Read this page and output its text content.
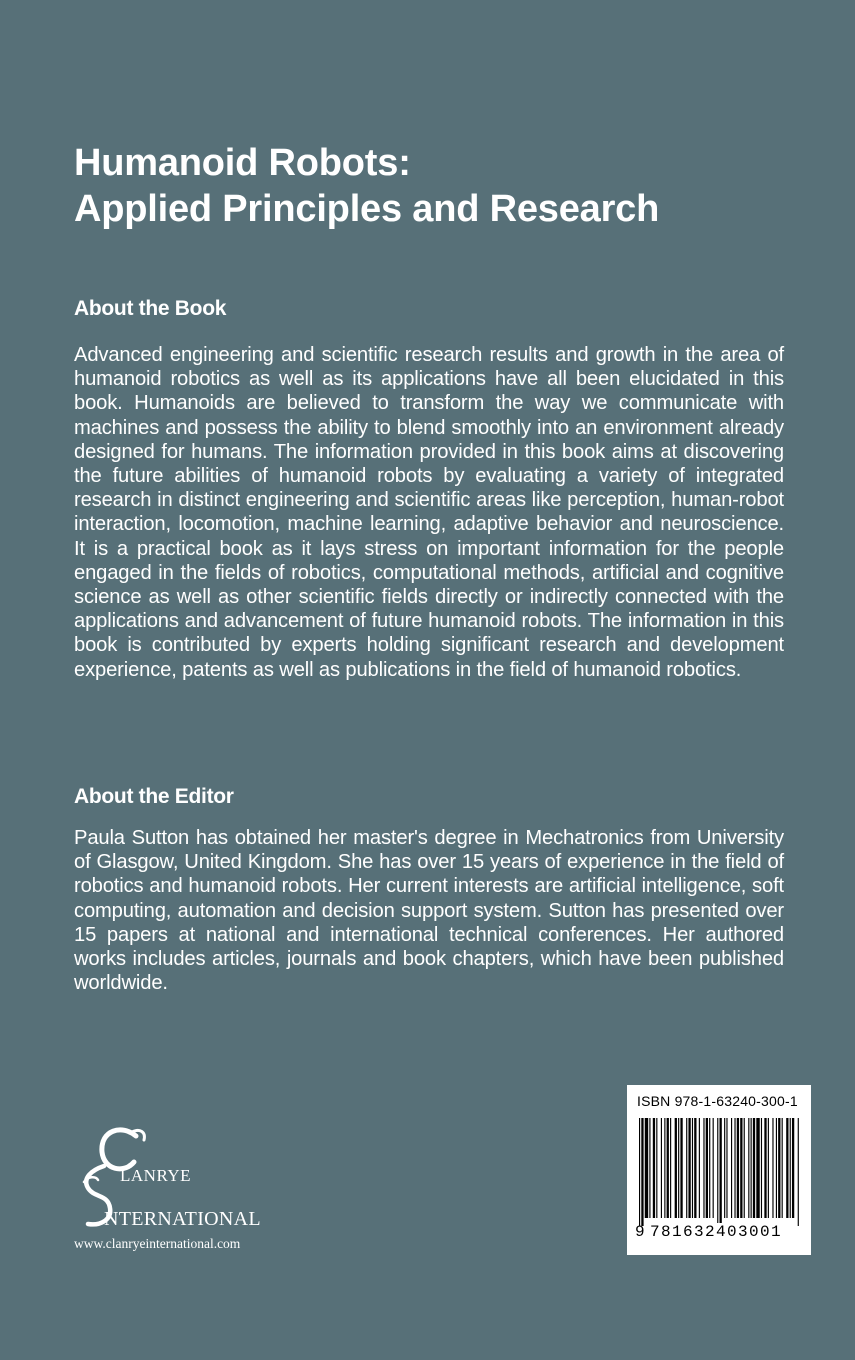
Humanoid Robots:
Applied Principles and Research
About the Book

Advanced engineering and scientific research results and growth in the area of humanoid robotics as well as its applications have all been elucidated in this book. Humanoids are believed to transform the way we communicate with machines and possess the ability to blend smoothly into an environment already designed for humans. The information provided in this book aims at discovering the future abilities of humanoid robots by evaluating a variety of integrated research in distinct engineering and scientific areas like perception, human-robot interaction, locomotion, machine learning, adaptive behavior and neuroscience. It is a practical book as it lays stress on important information for the people engaged in the fields of robotics, computational methods, artificial and cognitive science as well as other scientific fields directly or indirectly connected with the applications and advancement of future humanoid robots. The information in this book is contributed by experts holding significant research and development experience, patents as well as publications in the field of humanoid robotics.

About the Editor

Paula Sutton has obtained her master's degree in Mechatronics from University of Glasgow, United Kingdom. She has over 15 years of experience in the field of robotics and humanoid robots. Her current interests are artificial intelligence, soft computing, automation and decision support system. Sutton has presented over 15 papers at national and international technical conferences. Her authored works includes articles, journals and book chapters, which have been published worldwide.

LANRYE
NTERNATIONAL
www.clanryeinternational.com
ISBN 978-1-63240-300-1
9 781632403001
